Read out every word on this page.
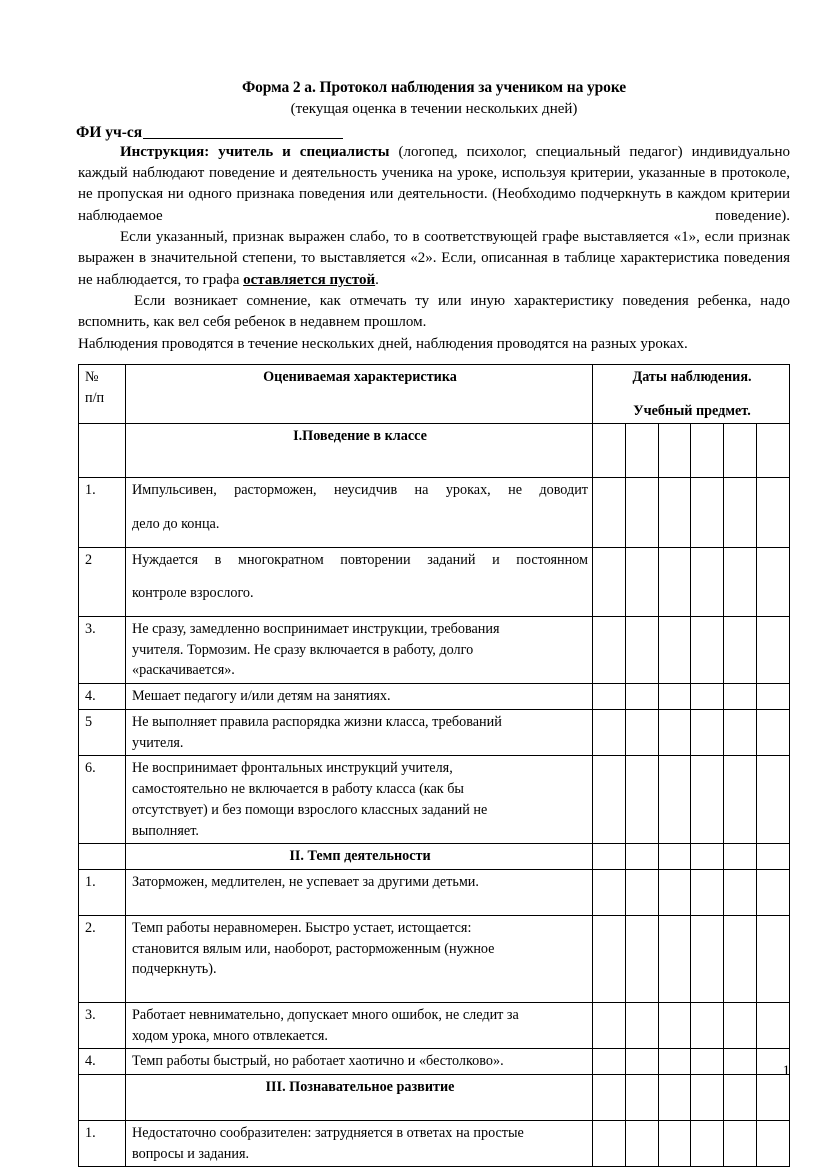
Форма 2 а. Протокол наблюдения за учеником на уроке
(текущая оценка в течении нескольких дней)
ФИ уч-ся

Инструкция: учитель и специалисты (логопед, психолог, специальный педагог) индивидуально каждый наблюдают поведение и деятельность ученика на уроке, используя критерии, указанные в протоколе, не пропуская ни одного признака поведения или деятельности. (Необходимо подчеркнуть в каждом критерии наблюдаемое поведение).

Если указанный, признак выражен слабо, то в соответствующей графе выставляется «1», если признак выражен в значительной степени, то выставляется «2». Если, описанная в таблице характеристика поведения не наблюдается, то графа оставляется пустой.

Если возникает сомнение, как отмечать ту или иную характеристику поведения ребенка, надо вспомнить, как вел себя ребенок в недавнем прошлом.

Наблюдения проводятся в течение нескольких дней, наблюдения проводятся на разных уроках.

№
п/п	Оцениваемая характеристика	Даты наблюдения.
Учебный предмет.					

	I.Поведение в классе						
1.	Импульсивен, расторможен, неусидчив на уроках, не доводит
дело до конца.						

2	Нуждается в многократном повторении заданий и постоянном
контроле взрослого.						

3.	Не сразу, замедленно воспринимает инструкции, требования
учителя. Тормозим. Не сразу включается в работу, долго
«раскачивается».						

4.	Мешает педагогу и/или детям на занятиях.						

5	Не выполняет правила распорядка жизни класса, требований
учителя.						

6.	Не воспринимает фронтальных инструкций учителя,
самостоятельно не включается в работу класса (как бы
отсутствует) и без помощи взрослого классных заданий не
выполняет.						

	II. Темп деятельности						
1.	Заторможен, медлителен, не успевает за другими детьми.						

2.	Темп работы неравномерен. Быстро устает, истощается:
становится вялым или, наоборот, расторможенным (нужное
подчеркнуть).						

3.	Работает невнимательно, допускает много ошибок, не следит за
ходом урока, много отвлекается.						

4.	Темп работы быстрый, но работает хаотично и «бестолково».						

	III. Познавательное развитие						
1.	Недостаточно сообразителен: затрудняется в ответах на простые
вопросы и задания.						

1
